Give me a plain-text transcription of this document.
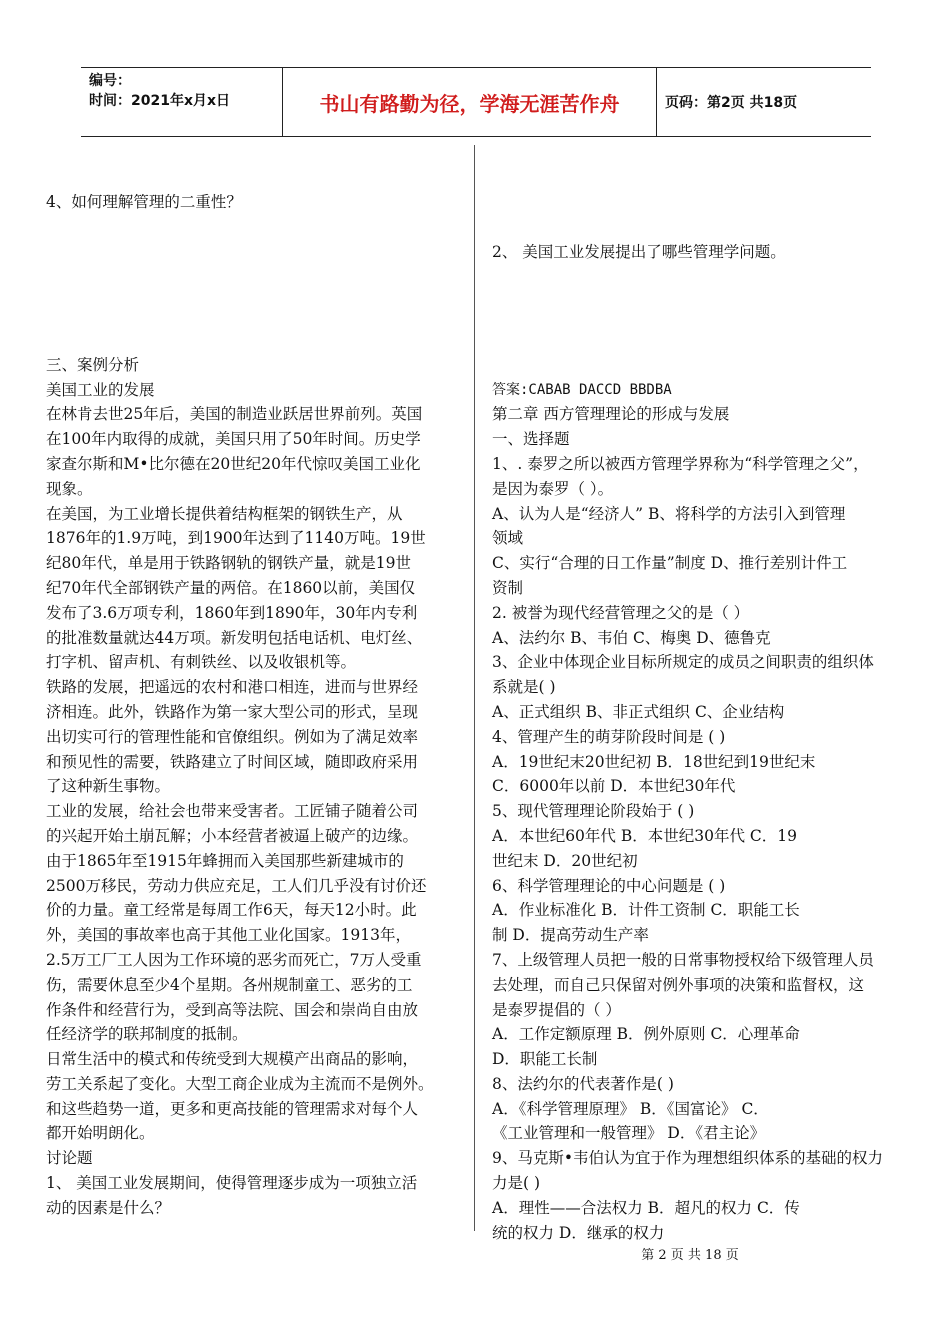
编号：
时间：2021年x月x日	书山有路勤为径，学海无涯苦作舟	页码：第2页 共18页
4、如何理解管理的二重性？
三、案例分析
美国工业的发展
在林肯去世25年后，美国的制造业跃居世界前列。英国
在100年内取得的成就，美国只用了50年时间。历史学
家查尔斯和M•比尔德在20世纪20年代惊叹美国工业化
现象。
在美国，为工业增长提供着结构框架的钢铁生产，从
1876年的1.9万吨，到1900年达到了1140万吨。19世
纪80年代，单是用于铁路钢轨的钢铁产量，就是19世
纪70年代全部钢铁产量的两倍。在1860以前，美国仅
发布了3.6万项专利，1860年到1890年，30年内专利
的批准数量就达44万项。新发明包括电话机、电灯丝、
打字机、留声机、有刺铁丝、以及收银机等。
铁路的发展，把遥远的农村和港口相连，进而与世界经
济相连。此外，铁路作为第一家大型公司的形式，呈现
出切实可行的管理性能和官僚组织。例如为了满足效率
和预见性的需要，铁路建立了时间区域，随即政府采用
了这种新生事物。
工业的发展，给社会也带来受害者。工匠铺子随着公司
的兴起开始土崩瓦解；小本经营者被逼上破产的边缘。
由于1865年至1915年蜂拥而入美国那些新建城市的
2500万移民，劳动力供应充足，工人们几乎没有讨价还
价的力量。童工经常是每周工作6天，每天12小时。此
外，美国的事故率也高于其他工业化国家。1913年，
2.5万工厂工人因为工作环境的恶劣而死亡，7万人受重
伤，需要休息至少4个星期。各州规制童工、恶劣的工
作条件和经营行为，受到高等法院、国会和崇尚自由放
任经济学的联邦制度的抵制。
日常生活中的模式和传统受到大规模产出商品的影响，
劳工关系起了变化。大型工商企业成为主流而不是例外。
和这些趋势一道，更多和更高技能的管理需求对每个人
都开始明朗化。
讨论题
1、 美国工业发展期间，使得管理逐步成为一项独立活
动的因素是什么？
2、 美国工业发展提出了哪些管理学问题。
答案:CABAB DACCD BBDBA
第二章 西方管理理论的形成与发展
一、选择题
1、. 泰罗之所以被西方管理学界称为“科学管理之父”，
是因为泰罗（ ）。
A、认为人是“经济人” B、将科学的方法引入到管理
领域
C、实行“合理的日工作量”制度 D、推行差别计件工
资制
2. 被誉为现代经营管理之父的是（ ）
A、法约尔 B、韦伯 C、梅奥 D、德鲁克
3、企业中体现企业目标所规定的成员之间职责的组织体
系就是( )
A、正式组织 B、非正式组织 C、企业结构
4、管理产生的萌芽阶段时间是 ( )
A．19世纪末20世纪初 B．18世纪到19世纪末
C．6000年以前 D．本世纪30年代
5、现代管理理论阶段始于 ( )
A．本世纪60年代 B．本世纪30年代 C．19
世纪末 D．20世纪初
6、科学管理理论的中心问题是 ( )
A．作业标准化 B．计件工资制 C．职能工长
制 D．提高劳动生产率
7、上级管理人员把一般的日常事物授权给下级管理人员
去处理，而自己只保留对例外事项的决策和监督权，这
是泰罗提倡的（ ）
A．工作定额原理 B．例外原则 C．心理革命
D．职能工长制
8、法约尔的代表著作是( )
A．《科学管理原理》 B．《国富论》 C．
《工业管理和一般管理》 D．《君主论》
9、马克斯•韦伯认为宜于作为理想组织体系的基础的权力
力是( )
A．理性——合法权力 B．超凡的权力 C．传
统的权力 D．继承的权力
第 2 页 共 18 页
